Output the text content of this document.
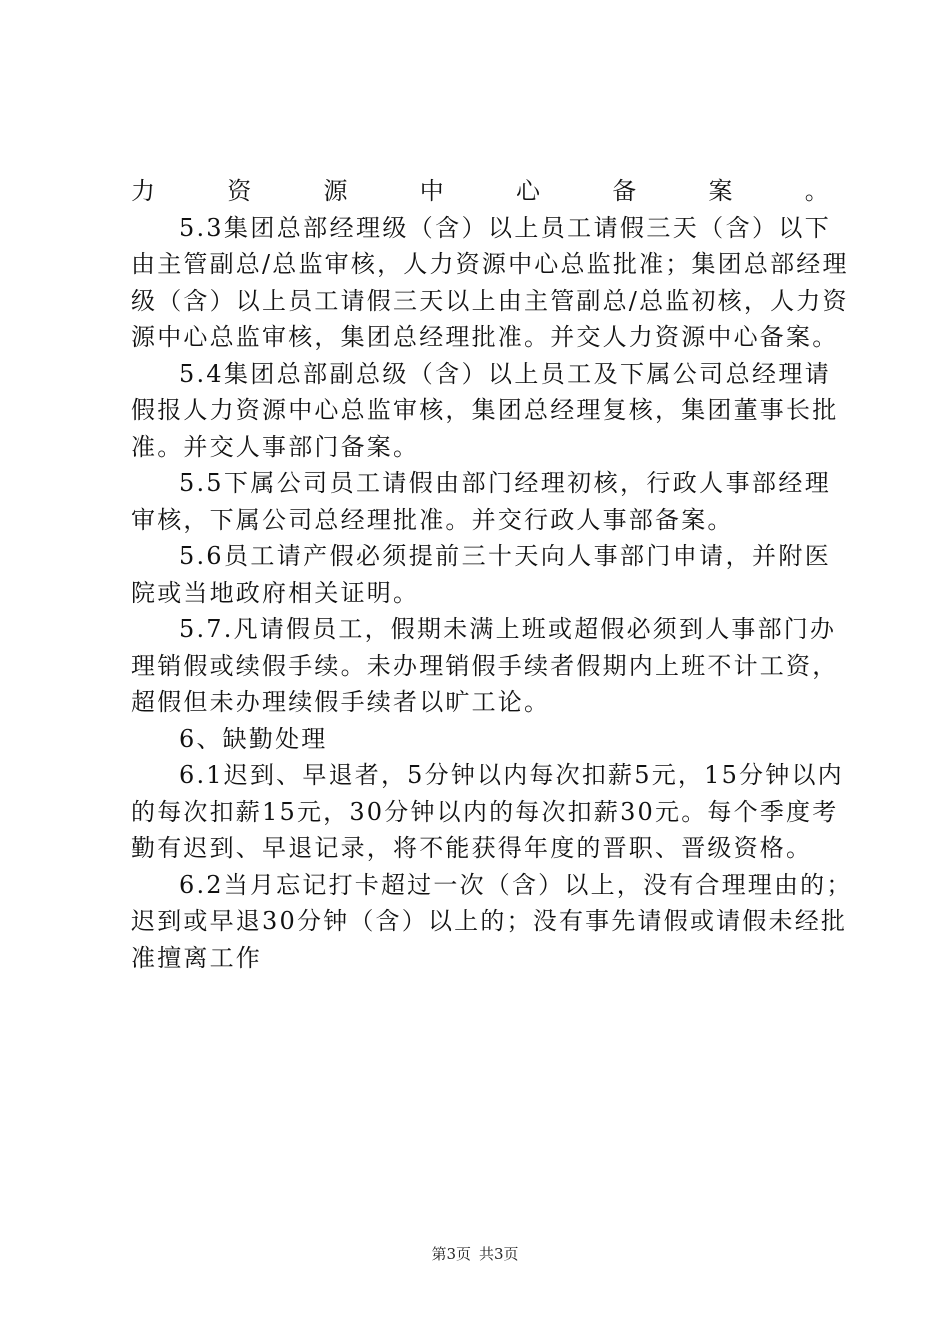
力资源中心备案。
5.3集团总部经理级（含）以上员工请假三天（含）以下
由主管副总/总监审核，人力资源中心总监批准；集团总部经理
级（含）以上员工请假三天以上由主管副总/总监初核，人力资
源中心总监审核，集团总经理批准。并交人力资源中心备案。
5.4集团总部副总级（含）以上员工及下属公司总经理请
假报人力资源中心总监审核，集团总经理复核，集团董事长批
准。并交人事部门备案。
5.5下属公司员工请假由部门经理初核，行政人事部经理
审核，下属公司总经理批准。并交行政人事部备案。
5.6员工请产假必须提前三十天向人事部门申请，并附医
院或当地政府相关证明。
5.7.凡请假员工，假期未满上班或超假必须到人事部门办
理销假或续假手续。未办理销假手续者假期内上班不计工资，
超假但未办理续假手续者以旷工论。
6、缺勤处理
6.1迟到、早退者，5分钟以内每次扣薪5元，15分钟以内
的每次扣薪15元，30分钟以内的每次扣薪30元。每个季度考
勤有迟到、早退记录，将不能获得年度的晋职、晋级资格。
6.2当月忘记打卡超过一次（含）以上，没有合理理由的；
迟到或早退30分钟（含）以上的；没有事先请假或请假未经批
准擅离工作
第3页 共3页
